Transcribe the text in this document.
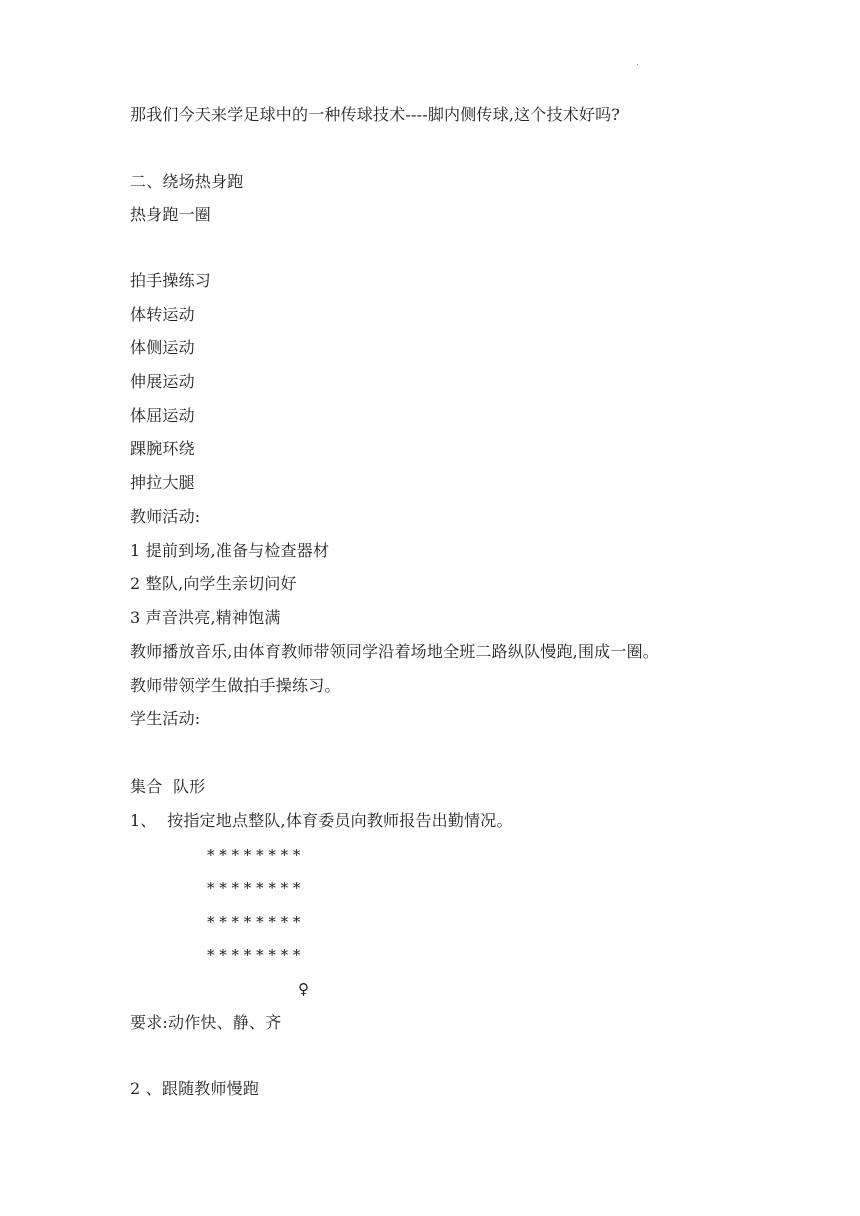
.
那我们今天来学足球中的一种传球技术----脚内侧传球,这个技术好吗?
二、绕场热身跑
热身跑一圈
拍手操练习
体转运动
体侧运动
伸展运动
体屈运动
踝腕环绕
抻拉大腿
教师活动:
1 提前到场,准备与检查器材
2 整队,向学生亲切问好
3 声音洪亮,精神饱满
教师播放音乐,由体育教师带领同学沿着场地全班二路纵队慢跑,围成一圈。
教师带领学生做拍手操练习。
学生活动:
集合  队形
1、  按指定地点整队,体育委员向教师报告出勤情况。
* * * * * * * *
* * * * * * * *
* * * * * * * *
* * * * * * * *
♀
要求:动作快、静、齐
2 、跟随教师慢跑
